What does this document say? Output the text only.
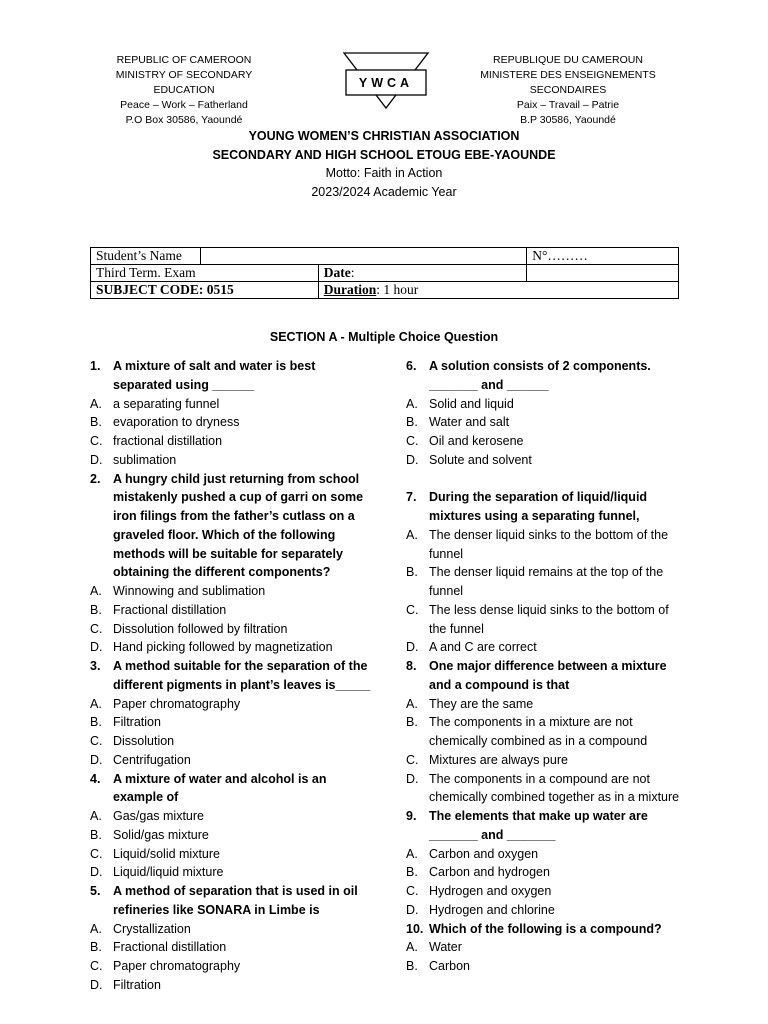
REPUBLIC OF CAMEROON
MINISTRY OF SECONDARY
EDUCATION
Peace – Work – Fatherland
P.O Box 30586, Yaoundé
YWCA
REPUBLIQUE DU CAMEROUN
MINISTERE DES ENSEIGNEMENTS
SECONDAIRES
Paix – Travail – Patrie
B.P 30586, Yaoundé
YOUNG WOMEN’S CHRISTIAN ASSOCIATION
SECONDARY AND HIGH SCHOOL ETOUG EBE-YAOUNDE
Motto: Faith in Action
2023/2024 Academic Year
Student’s Name			N°………
Third Term. Exam		Date:	
SUBJECT CODE: 0515		Duration: 1 hour	
SECTION A - Multiple Choice Question
1.	A mixture of salt and water is best separated using ______
A. a separating funnel
B. evaporation to dryness
C. fractional distillation
D. sublimation
2.	A hungry child just returning from school mistakenly pushed a cup of garri on some iron filings from the father’s cutlass on a graveled floor. Which of the following methods will be suitable for separately obtaining the different components?
A. Winnowing and sublimation
B. Fractional distillation
C. Dissolution followed by filtration
D. Hand picking followed by magnetization
3.	A method suitable for the separation of the different pigments in plant’s leaves is_____
A. Paper chromatography
B. Filtration
C. Dissolution
D. Centrifugation
4.	A mixture of water and alcohol is an example of
A. Gas/gas mixture
B. Solid/gas mixture
C. Liquid/solid mixture
D. Liquid/liquid mixture
5.	A method of separation that is used in oil refineries like SONARA in Limbe is
A. Crystallization
B. Fractional distillation
C. Paper chromatography
D. Filtration
6.	A solution consists of 2 components. _______ and ______
A. Solid and liquid
B. Water and salt
C. Oil and kerosene
D. Solute and solvent
7.	During the separation of liquid/liquid mixtures using a separating funnel,
A. The denser liquid sinks to the bottom of the funnel
B. The denser liquid remains at the top of the funnel
C. The less dense liquid sinks to the bottom of the funnel
D. A and C are correct
8.	One major difference between a mixture and a compound is that
A. They are the same
B. The components in a mixture are not chemically combined as in a compound
C. Mixtures are always pure
D. The components in a compound are not chemically combined together as in a mixture
9.	The elements that make up water are _______ and _______
A. Carbon and oxygen
B. Carbon and hydrogen
C. Hydrogen and oxygen
D. Hydrogen and chlorine
10. Which of the following is a compound?
A. Water
B. Carbon
